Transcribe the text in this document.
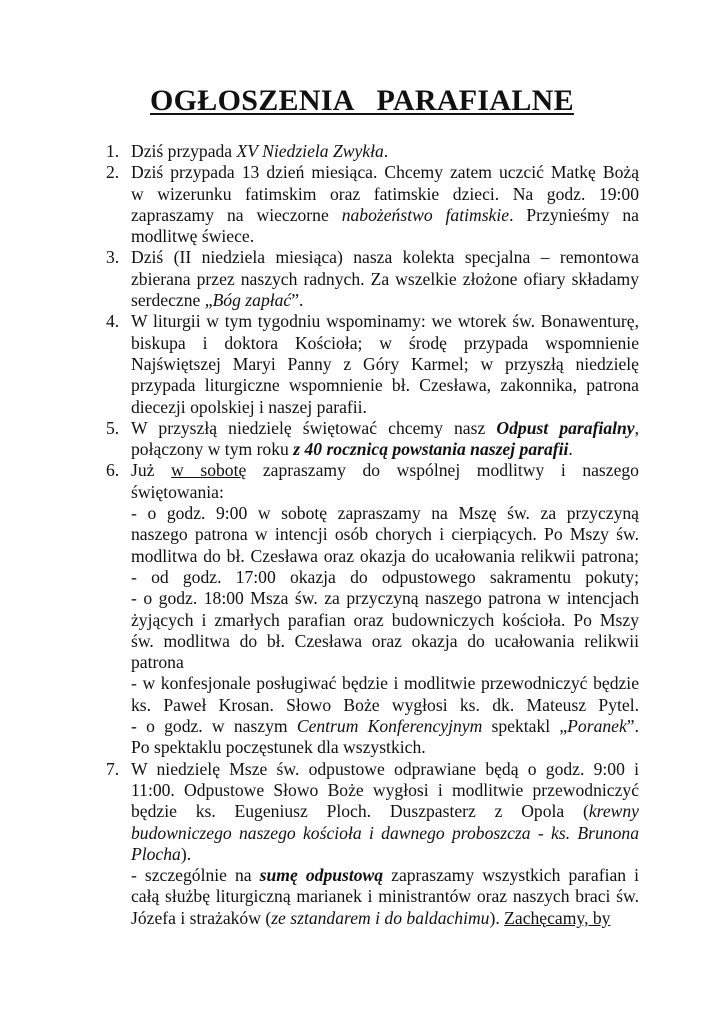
OGŁOSZENIA   PARAFIALNE
1. Dziś przypada XV Niedziela Zwykła.
2. Dziś przypada 13 dzień miesiąca. Chcemy zatem uczcić Matkę Bożą
w wizerunku fatimskim oraz fatimskie dzieci. Na godz. 19:00
zapraszamy na wieczorne nabożeństwo fatimskie. Przynieśmy na
modlitwę świece.
3. Dziś (II niedziela miesiąca) nasza kolekta specjalna – remontowa
zbierana przez naszych radnych. Za wszelkie złożone ofiary składamy
serdeczne „Bóg zapłać”.
4. W liturgii w tym tygodniu wspominamy: we wtorek św. Bonawenturę,
biskupa i doktora Kościoła; w środę przypada wspomnienie
Najświętszej Maryi Panny z Góry Karmel; w przyszłą niedzielę
przypada liturgiczne wspomnienie bł. Czesława, zakonnika, patrona
diecezji opolskiej i naszej parafii.
5. W przyszłą niedzielę świętować chcemy nasz Odpust parafialny,
połączony w tym roku z 40 rocznicą powstania naszej parafii.
6. Już w sobotę zapraszamy do wspólnej modlitwy i naszego
świętowania:
- o godz. 9:00 w sobotę zapraszamy na Mszę św. za przyczyną
naszego patrona w intencji osób chorych i cierpiących. Po Mszy św.
modlitwa do bł. Czesława oraz okazja do ucałowania relikwii patrona;
- od godz. 17:00 okazja do odpustowego sakramentu pokuty;
- o godz. 18:00 Msza św. za przyczyną naszego patrona w intencjach
żyjących i zmarłych parafian oraz budowniczych kościoła. Po Mszy
św. modlitwa do bł. Czesława oraz okazja do ucałowania relikwii
patrona
- w konfesjonale posługiwać będzie i modlitwie przewodniczyć będzie
ks. Paweł Krosan. Słowo Boże wygłosi ks. dk. Mateusz Pytel.
- o godz. w naszym Centrum Konferencyjnym spektakl „Poranek”.
Po spektaklu poczęstunek dla wszystkich.
7. W niedzielę Msze św. odpustowe odprawiane będą o godz. 9:00 i
11:00. Odpustowe Słowo Boże wygłosi i modlitwie przewodniczyć
będzie ks. Eugeniusz Ploch. Duszpasterz z Opola (krewny
budowniczego naszego kościoła i dawnego proboszcza - ks. Brunona
Plocha).
- szczególnie na sumę odpustową zapraszamy wszystkich parafian i
całą służbę liturgiczną marianek i ministrantów oraz naszych braci św.
Józefa i strażaków (ze sztandarem i do baldachimu). Zachęcamy, by
